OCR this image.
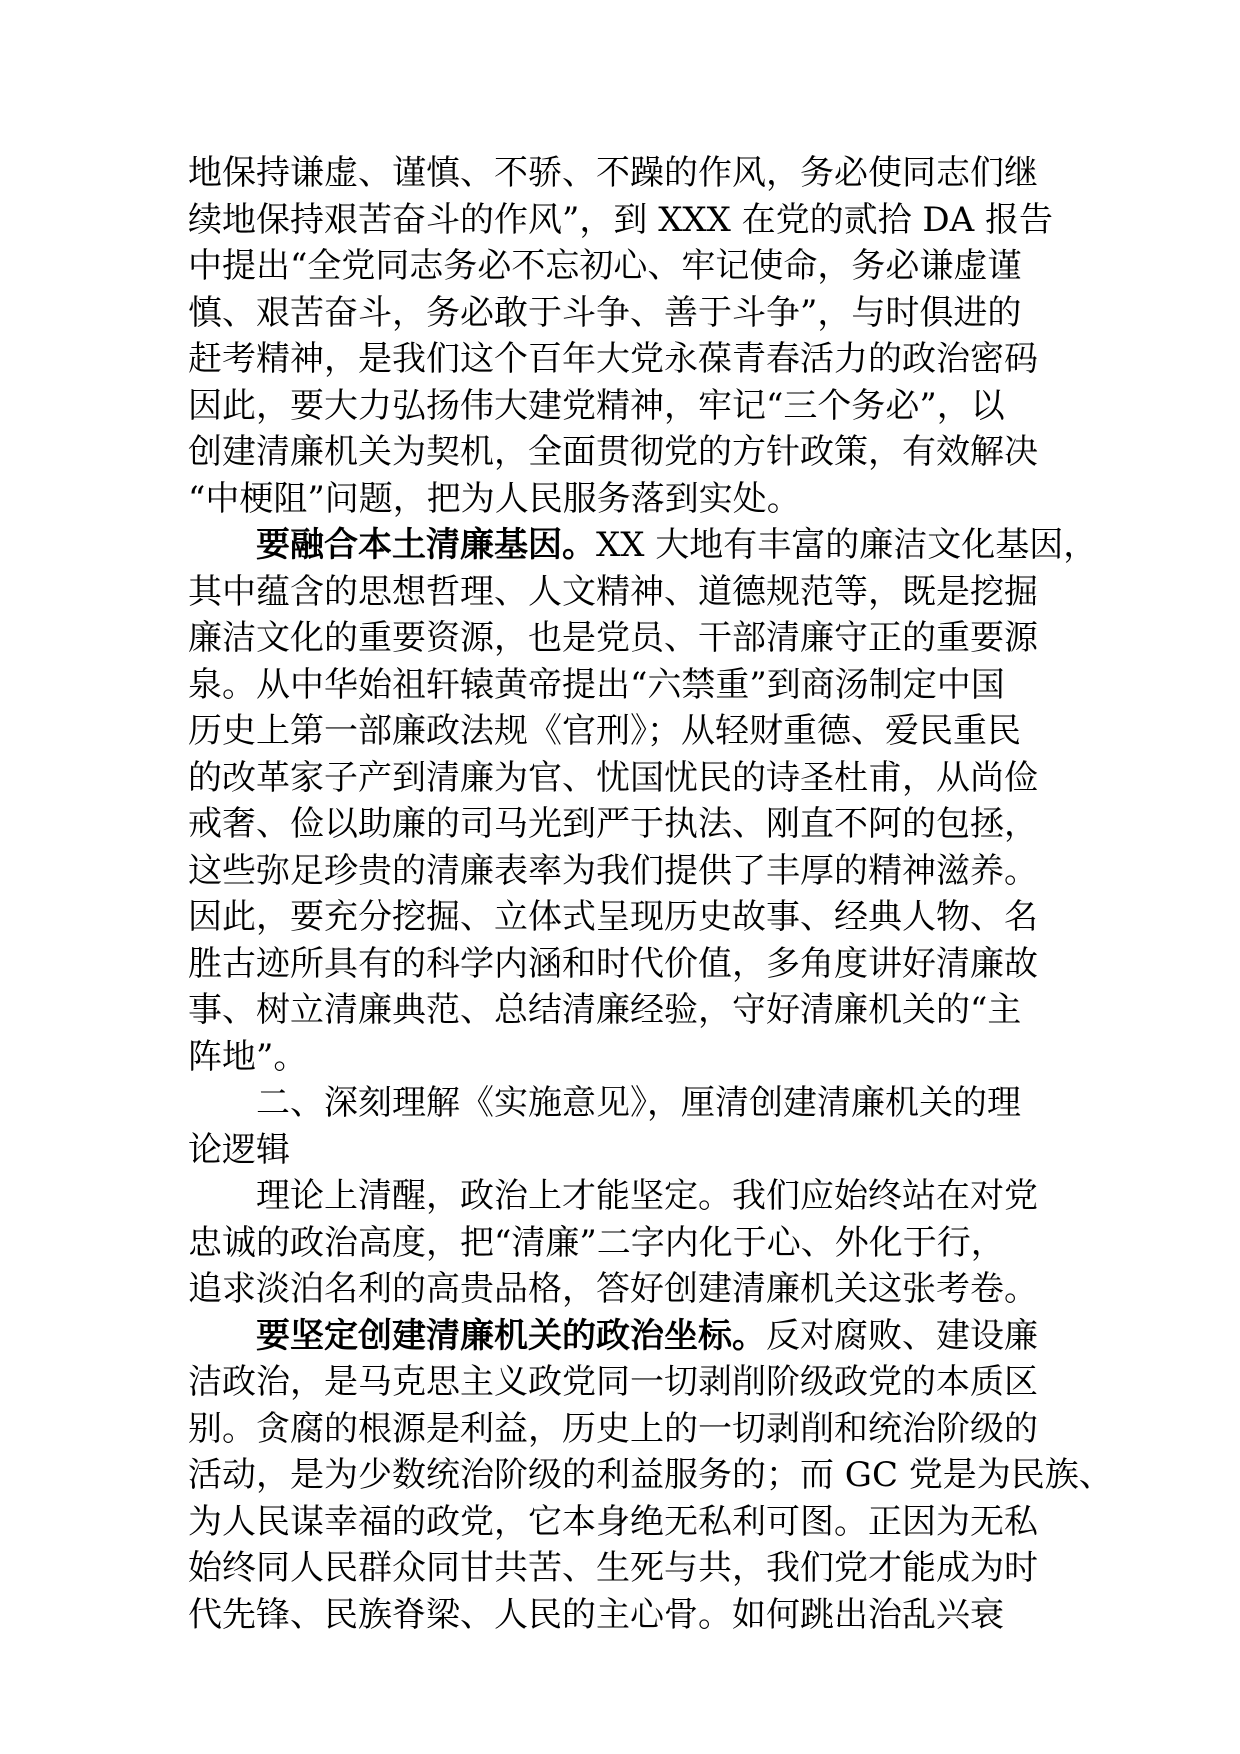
地保持谦虚、谨慎、不骄、不躁的作风，务必使同志们继
续地保持艰苦奋斗的作风”，到 XXX 在党的贰拾 DA 报告
中提出“全党同志务必不忘初心、牢记使命，务必谦虚谨
慎、艰苦奋斗，务必敢于斗争、善于斗争”，与时俱进的
赶考精神，是我们这个百年大党永葆青春活力的政治密码
因此，要大力弘扬伟大建党精神，牢记“三个务必”，以
创建清廉机关为契机，全面贯彻党的方针政策，有效解决
“中梗阻”问题，把为人民服务落到实处。
要融合本土清廉基因。XX 大地有丰富的廉洁文化基因，
其中蕴含的思想哲理、人文精神、道德规范等，既是挖掘
廉洁文化的重要资源，也是党员、干部清廉守正的重要源
泉。从中华始祖轩辕黄帝提出“六禁重”到商汤制定中国
历史上第一部廉政法规《官刑》；从轻财重德、爱民重民
的改革家子产到清廉为官、忧国忧民的诗圣杜甫，从尚俭
戒奢、俭以助廉的司马光到严于执法、刚直不阿的包拯，
这些弥足珍贵的清廉表率为我们提供了丰厚的精神滋养。
因此，要充分挖掘、立体式呈现历史故事、经典人物、名
胜古迹所具有的科学内涵和时代价值，多角度讲好清廉故
事、树立清廉典范、总结清廉经验，守好清廉机关的“主
阵地”。
二、深刻理解《实施意见》，厘清创建清廉机关的理
论逻辑
理论上清醒，政治上才能坚定。我们应始终站在对党
忠诚的政治高度，把“清廉”二字内化于心、外化于行，
追求淡泊名利的高贵品格，答好创建清廉机关这张考卷。
要坚定创建清廉机关的政治坐标。反对腐败、建设廉
洁政治，是马克思主义政党同一切剥削阶级政党的本质区
别。贪腐的根源是利益，历史上的一切剥削和统治阶级的
活动，是为少数统治阶级的利益服务的；而 GC 党是为民族、
为人民谋幸福的政党，它本身绝无私利可图。正因为无私
始终同人民群众同甘共苦、生死与共，我们党才能成为时
代先锋、民族脊梁、人民的主心骨。如何跳出治乱兴衰
